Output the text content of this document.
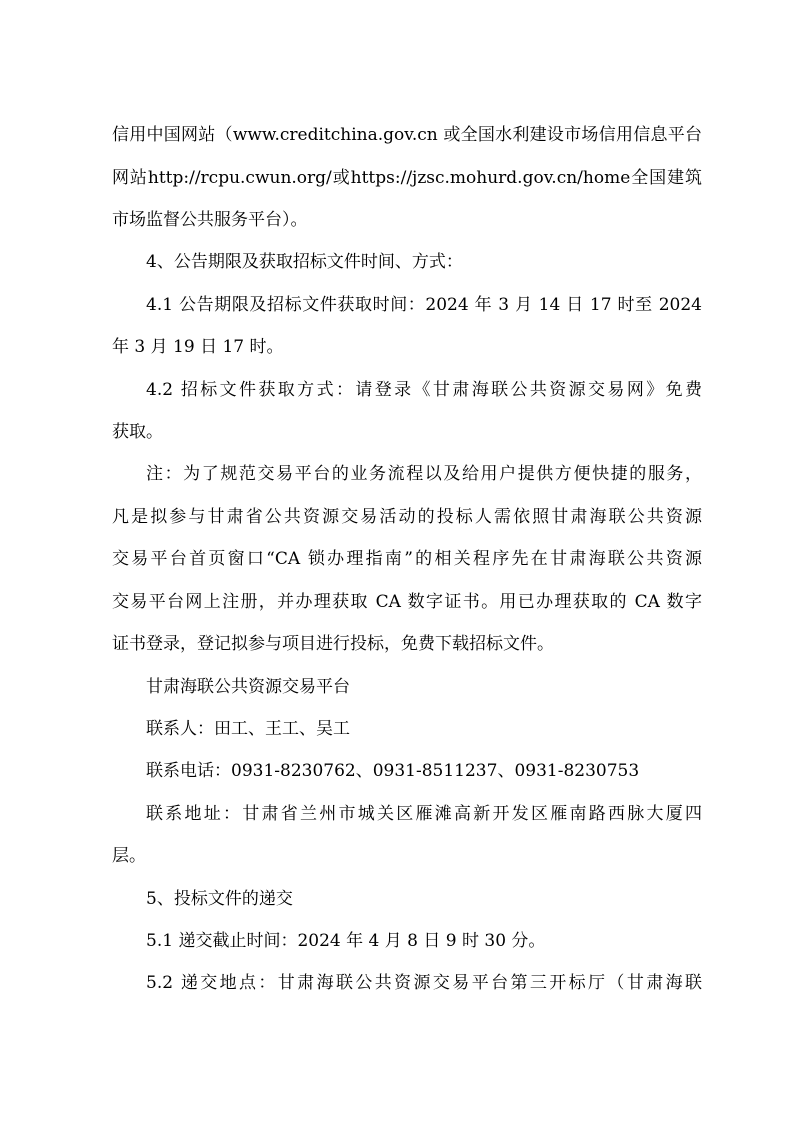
信用中国网站（www.creditchina.gov.cn 或全国水利建设市场信用信息平台
网站http://rcpu.cwun.org/或https://jzsc.mohurd.gov.cn/home全国建筑
市场监督公共服务平台）。
4、公告期限及获取招标文件时间、方式：
4.1 公告期限及招标文件获取时间：2024 年 3 月 14 日 17 时至 2024
年 3 月 19 日 17 时。
4.2 招标文件获取方式：请登录《甘肃海联公共资源交易网》免费
获取。
注：为了规范交易平台的业务流程以及给用户提供方便快捷的服务，
凡是拟参与甘肃省公共资源交易活动的投标人需依照甘肃海联公共资源
交易平台首页窗口“CA 锁办理指南”的相关程序先在甘肃海联公共资源
交易平台网上注册，并办理获取 CA 数字证书。用已办理获取的 CA 数字
证书登录，登记拟参与项目进行投标，免费下载招标文件。
甘肃海联公共资源交易平台
联系人：田工、王工、吴工
联系电话：0931-8230762、0931-8511237、0931-8230753
联系地址：甘肃省兰州市城关区雁滩高新开发区雁南路西脉大厦四
层。
5、投标文件的递交
5.1 递交截止时间：2024 年 4 月 8 日 9 时 30 分。
5.2 递交地点：甘肃海联公共资源交易平台第三开标厅（甘肃海联
